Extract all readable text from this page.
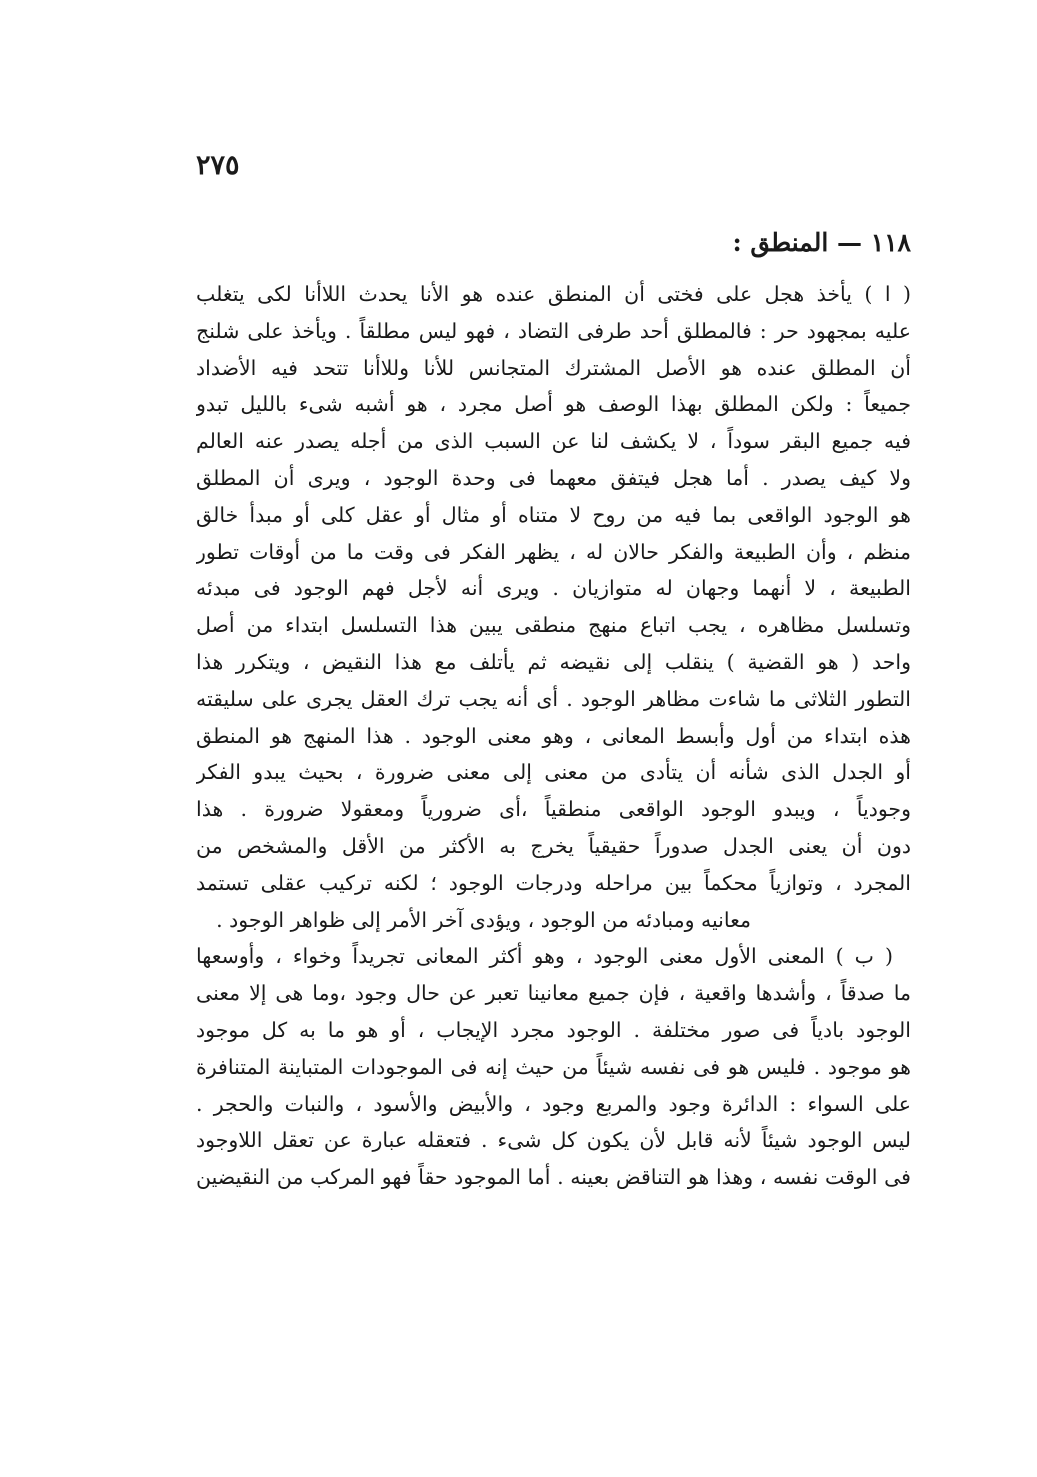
٢٧٥
١١٨ — المنطق :
( ا ) يأخذ هجل على فختى أن المنطق عنده هو الأنا يحدث اللاأنا لكى يتغلب
عليه بمجهود حر : فالمطلق أحد طرفى التضاد ، فهو ليس مطلقاً . ويأخذ على شلنج
أن المطلق عنده هو الأصل المشترك المتجانس للأنا وللاأنا تتحد فيه الأضداد
جميعاً : ولكن المطلق بهذا الوصف هو أصل مجرد ، هو أشبه شىء بالليل تبدو
فيه جميع البقر سوداً ، لا يكشف لنا عن السبب الذى من أجله يصدر عنه العالم
ولا كيف يصدر . أما هجل فيتفق معهما فى وحدة الوجود ، ويرى أن المطلق
هو الوجود الواقعى بما فيه من روح لا متناه أو مثال أو عقل كلى أو مبدأ خالق
منظم ، وأن الطبيعة والفكر حالان له ، يظهر الفكر فى وقت ما من أوقات تطور
الطبيعة ، لا أنهما وجهان له متوازيان . ويرى أنه لأجل فهم الوجود فى مبدئه
وتسلسل مظاهره ، يجب اتباع منهج منطقى يبين هذا التسلسل ابتداء من أصل
واحد ( هو القضية ) ينقلب إلى نقيضه ثم يأتلف مع هذا النقيض ، ويتكرر هذا
التطور الثلاثى ما شاءت مظاهر الوجود . أى أنه يجب ترك العقل يجرى على سليقته
هذه ابتداء من أول وأبسط المعانى ، وهو معنى الوجود . هذا المنهج هو المنطق
أو الجدل الذى شأنه أن يتأدى من معنى إلى معنى ضرورة ، بحيث يبدو الفكر
وجودياً ، ويبدو الوجود الواقعى منطقياً ،أى ضرورياً ومعقولا ضرورة . هذا
دون أن يعنى الجدل صدوراً حقيقياً يخرج به الأكثر من الأقل والمشخص من
المجرد ، وتوازياً محكماً بين مراحله ودرجات الوجود ؛ لكنه تركيب عقلى تستمد
معانيه ومبادئه من الوجود ، ويؤدى آخر الأمر إلى ظواهر الوجود .
( ب ) المعنى الأول معنى الوجود ، وهو أكثر المعانى تجريداً وخواء ، وأوسعها
ما صدقاً ، وأشدها واقعية ، فإن جميع معانينا تعبر عن حال وجود ،وما هى إلا معنى
الوجود بادياً فى صور مختلفة . الوجود مجرد الإيجاب ، أو هو ما به كل موجود
هو موجود . فليس هو فى نفسه شيئاً من حيث إنه فى الموجودات المتباينة المتنافرة
على السواء : الدائرة وجود والمربع وجود ، والأبيض والأسود ، والنبات والحجر .
ليس الوجود شيئاً لأنه قابل لأن يكون كل شىء . فتعقله عبارة عن تعقل اللاوجود
فى الوقت نفسه ، وهذا هو التناقض بعينه . أما الموجود حقاً فهو المركب من النقيضين
